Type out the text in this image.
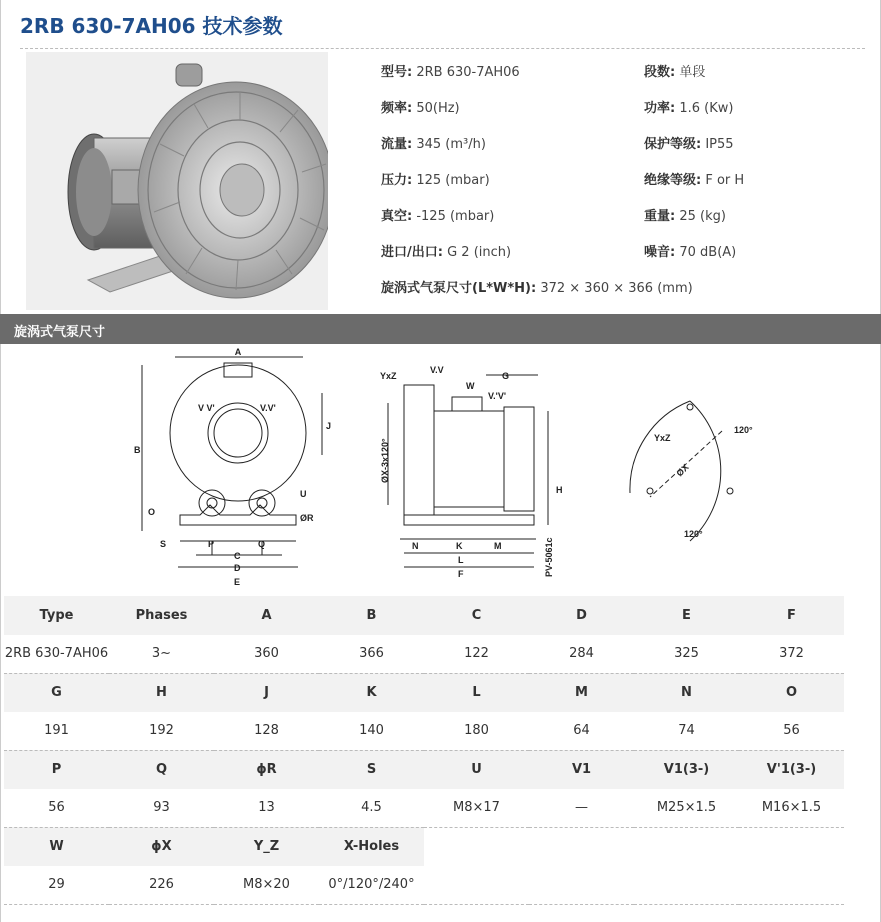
2RB 630-7AH06 技术参数
型号: 2RB 630-7AH06
频率: 50(Hz)
流量: 345 (m³/h)
压力: 125 (mbar)
真空: -125 (mbar)
进口/出口: G 2 (inch)
旋涡式气泵尺寸(L*W*H): 372 × 360 × 366 (mm)
段数: 单段
功率: 1.6 (Kw)
保护等级: IP55
绝缘等级: F or H
重量: 25 (kg)
噪音: 70 dB(A)
旋涡式气泵尺寸
A
B
J
V V'	V.V'
U
ØR
O
S	P	Q
C
D
E
YxZ
V.V
W
G
V.'V'
ØX-3x120°
H
N	K	M
L
F	PV-5061c
YxZ
120°
ØX
120°
Type	Phases	A	B	C	D	E	F
2RB 630-7AH06	3~	360	366	122	284	325	372
G	H	J	K	L	M	N	O
191	192	128	140	180	64	74	56
P	Q	ϕR	S	U	V1	V1(3-)	V'1(3-)
56	93	13	4.5	M8×17	—	M25×1.5	M16×1.5
W	ϕX	Y_Z	X-Holes				
29	226	M8×20	0°/120°/240°				
